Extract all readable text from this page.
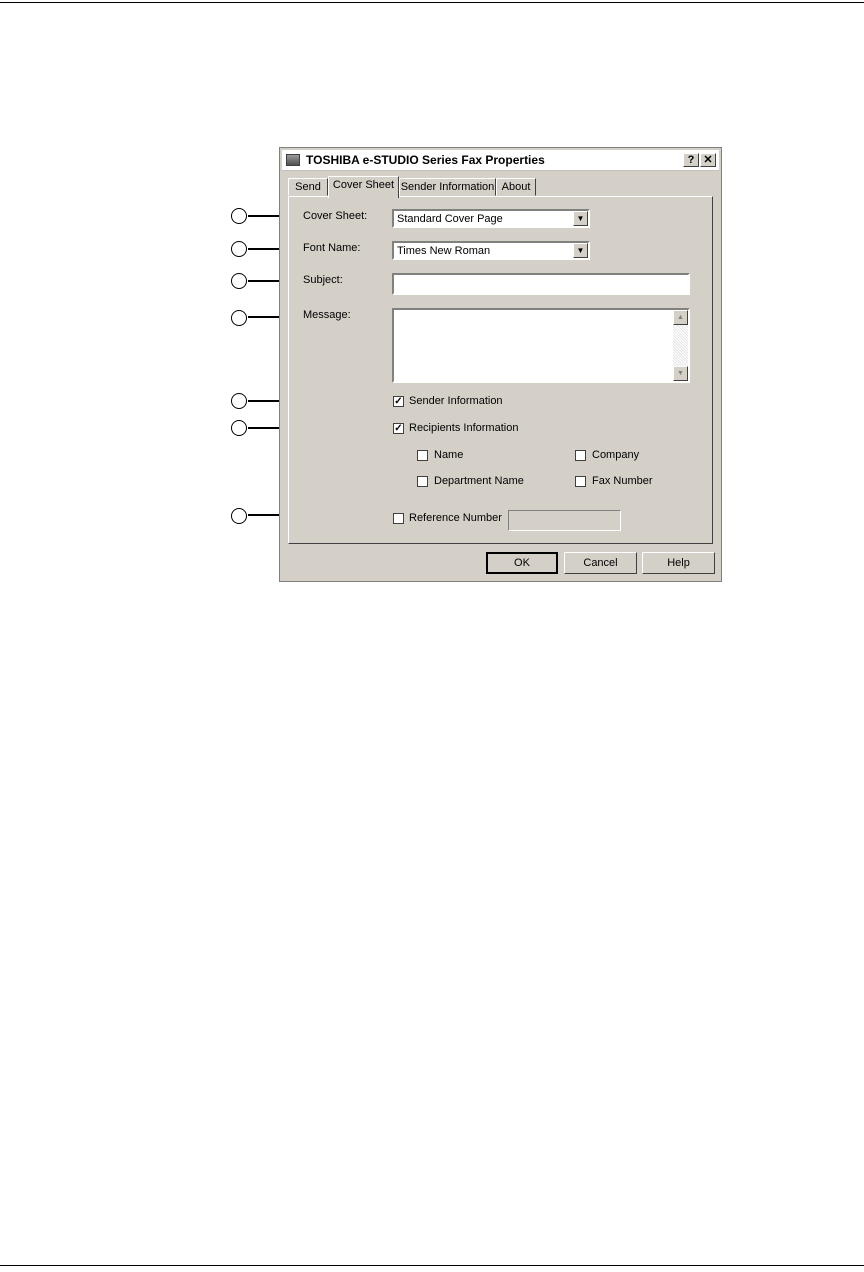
TOSHIBA e-STUDIO Series Fax Properties	? ✕
Send	Cover Sheet Sender Information About
Cover Sheet:	Standard Cover Page	▼
Font Name:	Times New Roman	▼
Subject:
Message:	▲
▼
✓ Sender Information
✓ Recipients Information
Name	Company
Department Name	Fax Number
Reference Number
OK	Cancel	Help
